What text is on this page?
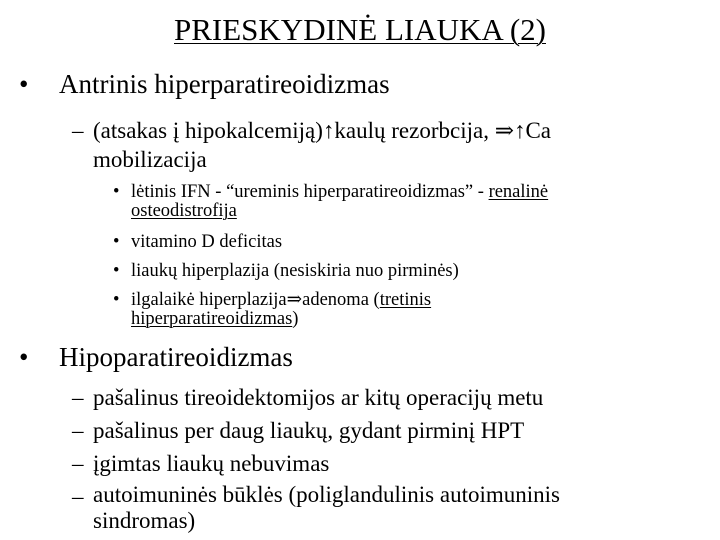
PRIESKYDINĖ LIAUKA (2)
• Antrinis hiperparatireoidizmas
– (atsakas į hipokalcemiją)↑kaulų rezorbcija, ⇒↑Ca
mobilizacija
• lėtinis IFN - “ureminis hiperparatireoidizmas” - renalinė
osteodistrofija
• vitamino D deficitas
• liaukų hiperplazija (nesiskiria nuo pirminės)
• ilgalaikė hiperplazija⇒adenoma (tretinis
hiperparatireoidizmas)
• Hipoparatireoidizmas
– pašalinus tireoidektomijos ar kitų operacijų metu
– pašalinus per daug liaukų, gydant pirminį HPT
– įgimtas liaukų nebuvimas
– autoimuninės būklės (poliglandulinis autoimuninis
sindromas)
